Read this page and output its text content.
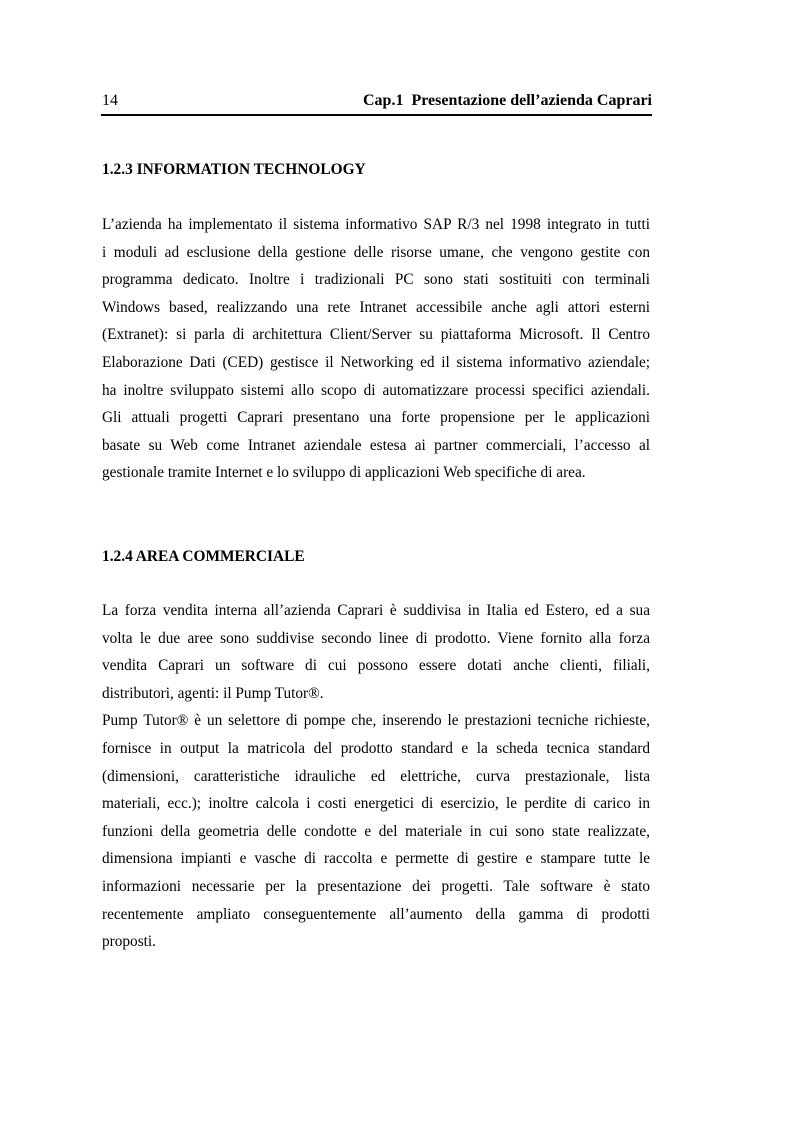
14	Cap.1  Presentazione dell’azienda Caprari
1.2.3 INFORMATION TECHNOLOGY
L’azienda ha implementato il sistema informativo SAP R/3 nel 1998 integrato in tutti
i moduli ad esclusione della gestione delle risorse umane, che vengono gestite con
programma dedicato. Inoltre i tradizionali PC sono stati sostituiti con terminali
Windows based, realizzando una rete Intranet accessibile anche agli attori esterni
(Extranet): si parla di architettura Client/Server su piattaforma Microsoft. Il Centro
Elaborazione Dati (CED) gestisce il Networking ed il sistema informativo aziendale;
ha inoltre sviluppato sistemi allo scopo di automatizzare processi specifici aziendali.
Gli attuali progetti Caprari presentano una forte propensione per le applicazioni
basate su Web come Intranet aziendale estesa ai partner commerciali, l’accesso al
gestionale tramite Internet e lo sviluppo di applicazioni Web specifiche di area.
1.2.4 AREA COMMERCIALE
La forza vendita interna all’azienda Caprari è suddivisa in Italia ed Estero, ed a sua
volta le due aree sono suddivise secondo linee di prodotto. Viene fornito alla forza
vendita Caprari un software di cui possono essere dotati anche clienti, filiali,
distributori, agenti: il Pump Tutor®.
Pump Tutor® è un selettore di pompe che, inserendo le prestazioni tecniche richieste,
fornisce in output la matricola del prodotto standard e la scheda tecnica standard
(dimensioni, caratteristiche idrauliche ed elettriche, curva prestazionale, lista
materiali, ecc.); inoltre calcola i costi energetici di esercizio, le perdite di carico in
funzioni della geometria delle condotte e del materiale in cui sono state realizzate,
dimensiona impianti e vasche di raccolta e permette di gestire e stampare tutte le
informazioni necessarie per la presentazione dei progetti. Tale software è stato
recentemente ampliato conseguentemente all’aumento della gamma di prodotti
proposti.
